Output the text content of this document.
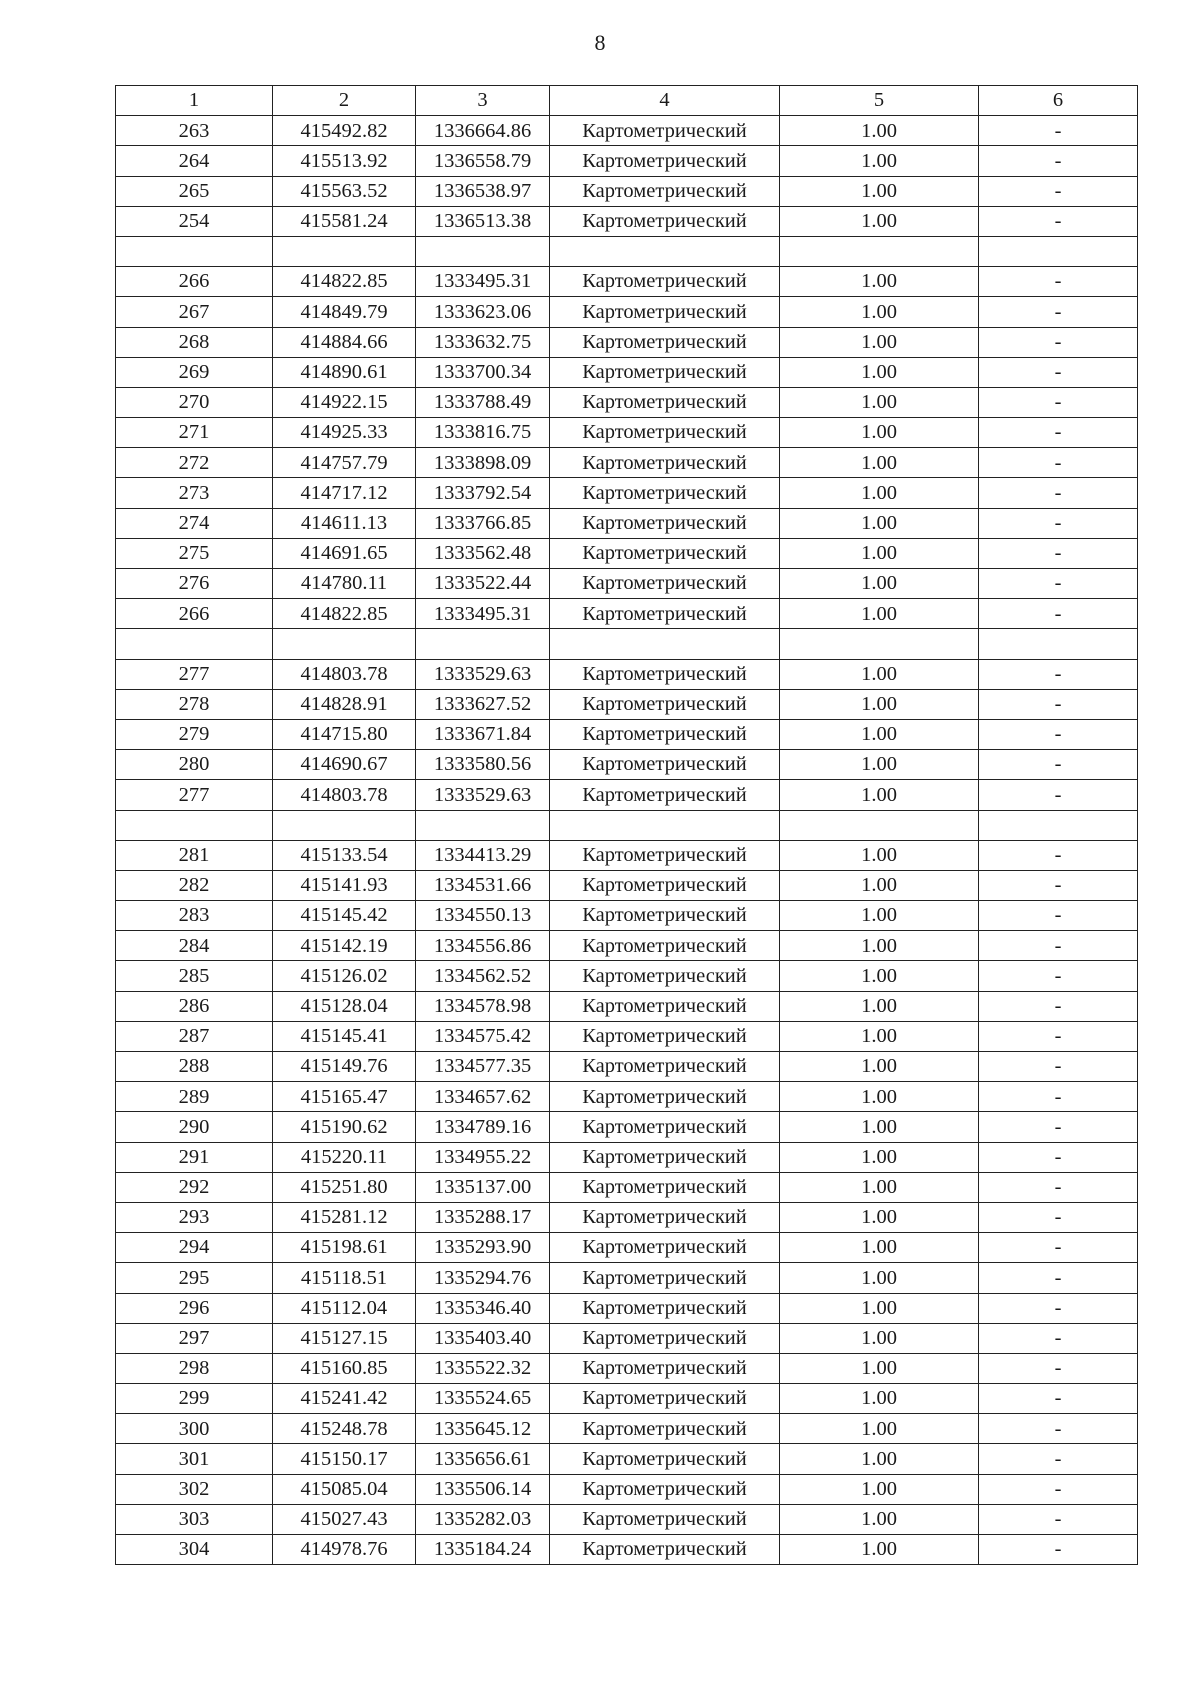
8
1	2	3	4	5	6
263	415492.82	1336664.86	Картометрический	1.00	-
264	415513.92	1336558.79	Картометрический	1.00	-
265	415563.52	1336538.97	Картометрический	1.00	-
254	415581.24	1336513.38	Картометрический	1.00	-

266	414822.85	1333495.31	Картометрический	1.00	-
267	414849.79	1333623.06	Картометрический	1.00	-
268	414884.66	1333632.75	Картометрический	1.00	-
269	414890.61	1333700.34	Картометрический	1.00	-
270	414922.15	1333788.49	Картометрический	1.00	-
271	414925.33	1333816.75	Картометрический	1.00	-
272	414757.79	1333898.09	Картометрический	1.00	-
273	414717.12	1333792.54	Картометрический	1.00	-
274	414611.13	1333766.85	Картометрический	1.00	-
275	414691.65	1333562.48	Картометрический	1.00	-
276	414780.11	1333522.44	Картометрический	1.00	-
266	414822.85	1333495.31	Картометрический	1.00	-

277	414803.78	1333529.63	Картометрический	1.00	-
278	414828.91	1333627.52	Картометрический	1.00	-
279	414715.80	1333671.84	Картометрический	1.00	-
280	414690.67	1333580.56	Картометрический	1.00	-
277	414803.78	1333529.63	Картометрический	1.00	-

281	415133.54	1334413.29	Картометрический	1.00	-
282	415141.93	1334531.66	Картометрический	1.00	-
283	415145.42	1334550.13	Картометрический	1.00	-
284	415142.19	1334556.86	Картометрический	1.00	-
285	415126.02	1334562.52	Картометрический	1.00	-
286	415128.04	1334578.98	Картометрический	1.00	-
287	415145.41	1334575.42	Картометрический	1.00	-
288	415149.76	1334577.35	Картометрический	1.00	-
289	415165.47	1334657.62	Картометрический	1.00	-
290	415190.62	1334789.16	Картометрический	1.00	-
291	415220.11	1334955.22	Картометрический	1.00	-
292	415251.80	1335137.00	Картометрический	1.00	-
293	415281.12	1335288.17	Картометрический	1.00	-
294	415198.61	1335293.90	Картометрический	1.00	-
295	415118.51	1335294.76	Картометрический	1.00	-
296	415112.04	1335346.40	Картометрический	1.00	-
297	415127.15	1335403.40	Картометрический	1.00	-
298	415160.85	1335522.32	Картометрический	1.00	-
299	415241.42	1335524.65	Картометрический	1.00	-
300	415248.78	1335645.12	Картометрический	1.00	-
301	415150.17	1335656.61	Картометрический	1.00	-
302	415085.04	1335506.14	Картометрический	1.00	-
303	415027.43	1335282.03	Картометрический	1.00	-
304	414978.76	1335184.24	Картометрический	1.00	-
